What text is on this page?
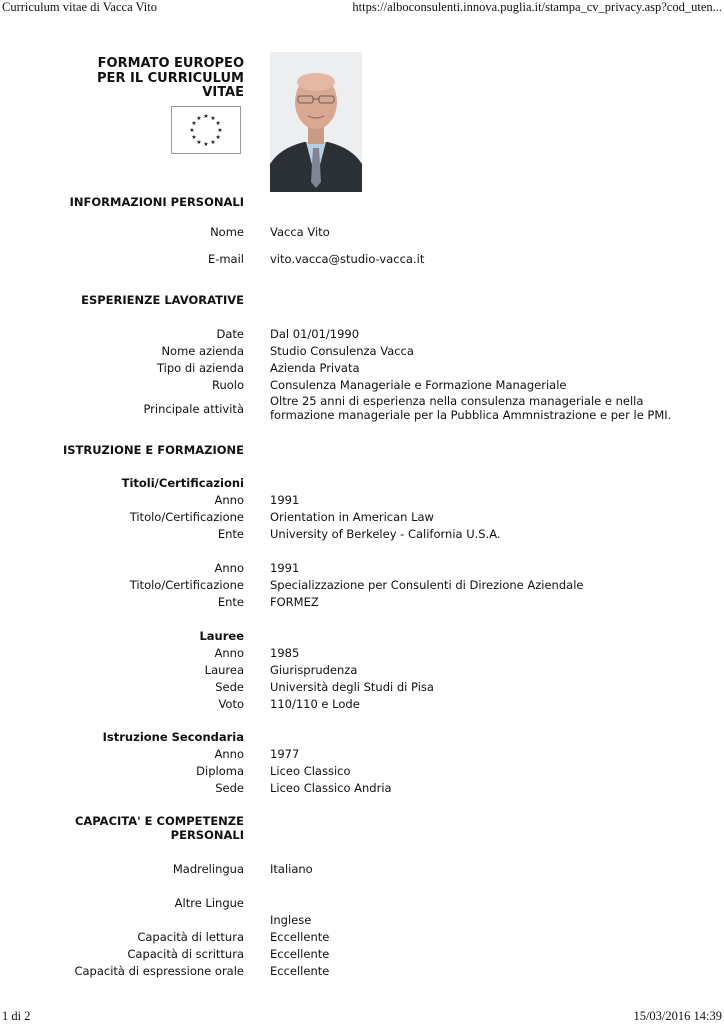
Curriculum vitae di Vacca Vito	https://alboconsulenti.innova.puglia.it/stampa_cv_privacy.asp?cod_uten...
FORMATO EUROPEO
PER IL CURRICULUM
VITAE
★ ★
★
★
★
★
★
★
★
★
★
★
INFORMAZIONI PERSONALI
Nome Vacca Vito
E-mail vito.vacca@studio-vacca.it
ESPERIENZE LAVORATIVE
Date Dal 01/01/1990
Nome azienda Studio Consulenza Vacca
Tipo di azienda Azienda Privata
Ruolo Consulenza Manageriale e Formazione Manageriale
Principale attività
Oltre 25 anni di esperienza nella consulenza manageriale e nella
formazione manageriale per la Pubblica Ammnistrazione e per le PMI.
ISTRUZIONE E FORMAZIONE
Titoli/Certificazioni
Anno 1991
Titolo/Certificazione Orientation in American Law
Ente University of Berkeley - California U.S.A.
Anno 1991
Titolo/Certificazione Specializzazione per Consulenti di Direzione Aziendale
Ente FORMEZ
Lauree
Anno 1985
Laurea Giurisprudenza
Sede Università degli Studi di Pisa
Voto 110/110 e Lode
Istruzione Secondaria
Anno 1977
Diploma Liceo Classico
Sede Liceo Classico Andria
CAPACITA' E COMPETENZE
PERSONALI
Madrelingua Italiano
Altre Lingue
Inglese
Capacità di lettura Eccellente
Capacità di scrittura Eccellente
Capacità di espressione orale Eccellente
1 di 2	15/03/2016 14:39
